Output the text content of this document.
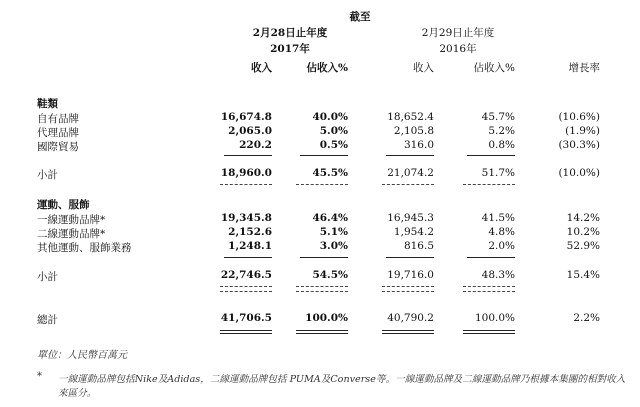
截至
2月28日止年度
2017年
2月29日止年度
2016年
收入	佔收入%	收入	佔收入%	增長率
鞋類
自有品牌	16,674.8	40.0%	18,652.4	45.7%	(10.6%)
代理品牌	2,065.0	5.0%	2,105.8	5.2%	(1.9%)
國際貿易	220.2	0.5%	316.0	0.8%	(30.3%)
小計	18,960.0	45.5%	21,074.2	51.7%	(10.0%)
運動、服飾
一線運動品牌*	19,345.8	46.4%	16,945.3	41.5%	14.2%
二線運動品牌*	2,152.6	5.1%	1,954.2	4.8%	10.2%
其他運動、服飾業務	1,248.1	3.0%	816.5	2.0%	52.9%
小計	22,746.5	54.5%	19,716.0	48.3%	15.4%
總計	41,706.5	100.0%	40,790.2	100.0%	2.2%
單位：人民幣百萬元
* 一線運動品牌包括Nike及Adidas，二線運動品牌包括 PUMA及Converse等。一線運動品牌及二線運動品牌乃根據本集團的相對收入
來區分。
